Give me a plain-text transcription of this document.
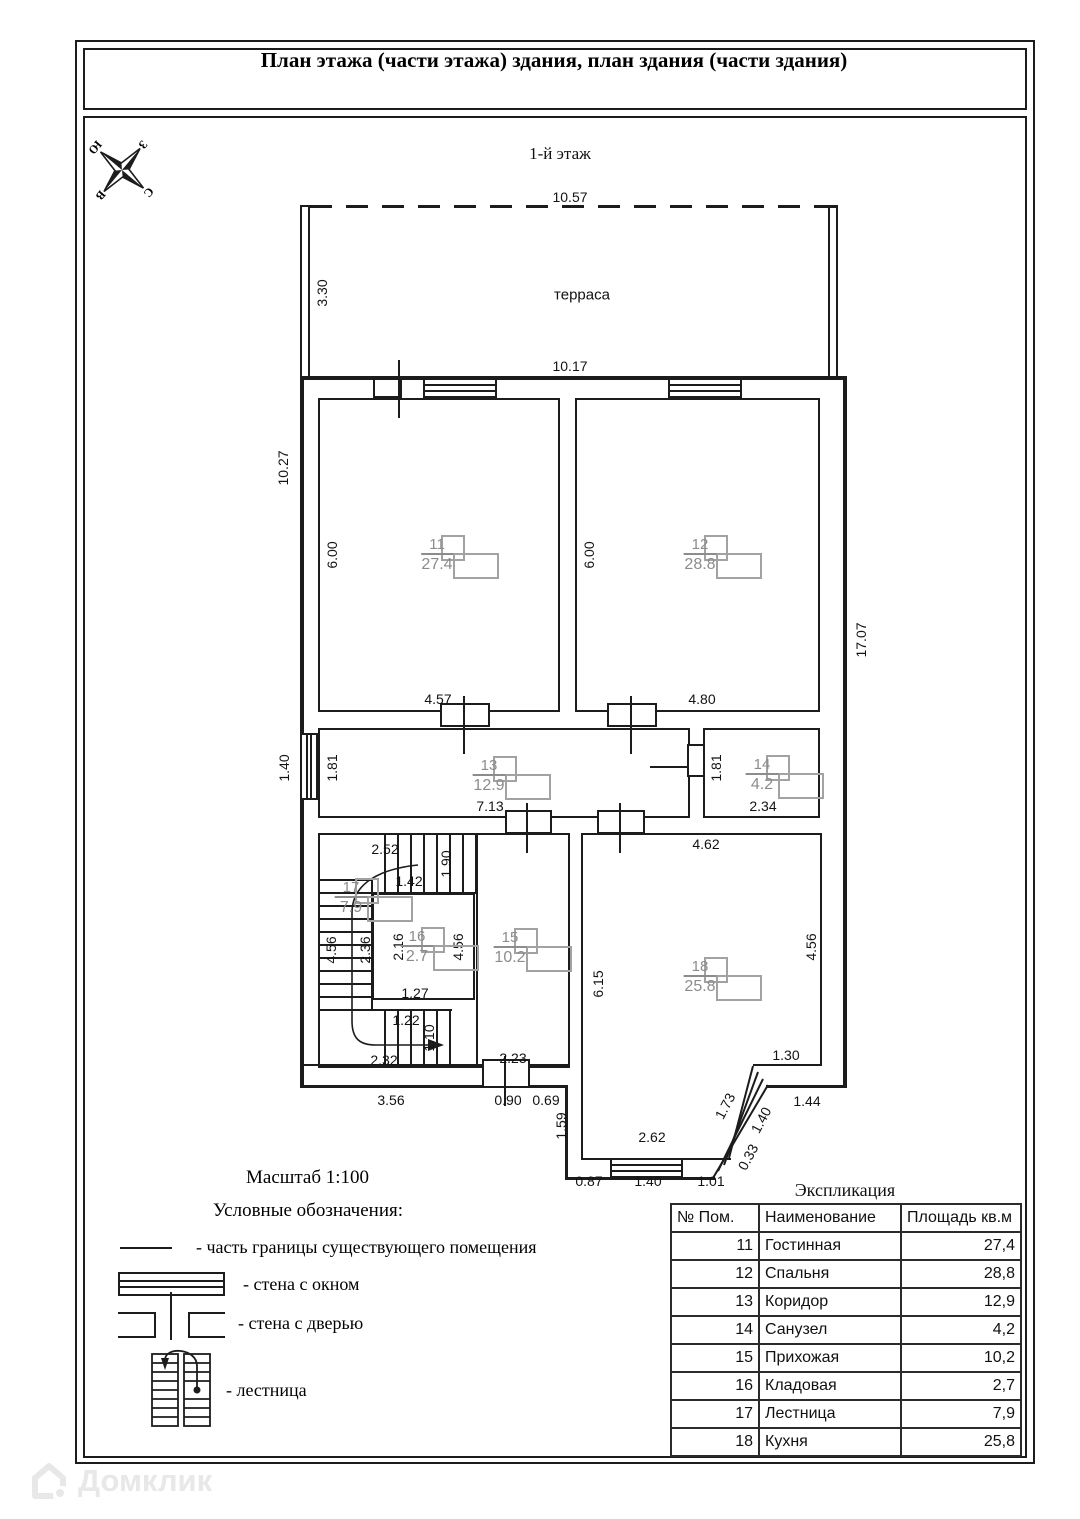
Домклик
План этажа (части этажа) здания, план здания (части здания)
1-й этаж
С
Ю	З
В
терраса
10.57
3.30
10.17
10.27
6.00
4.57
6.00
4.80
17.07
1.40 1.81
7.13
1.81
2.34
2.52
1.42
1.90
4.56 2.36 2.16
1.27
1.22
1.10
2.32
4.56
2.23
4.62
6.15
4.56
1.30
1.44
2.62
3.56	0.90 0.69
1.59
0.87 1.40	1.01
1.73 1.40
0.33
11
27.4
12
28.8
13
12.9
14
4.2
15
10.2
16
2.7
17
7.9
18
25.8
Масштаб 1:100
Условные обозначения:
- часть границы существующего помещения
- стена с окном
- стена с дверью
- лестница
Экспликация
№ Пом.	Наименование	Площадь кв.м
11	Гостинная	27,4
12	Спальня	28,8
13	Коридор	12,9
14	Санузел	4,2
15	Прихожая	10,2
16	Кладовая	2,7
17	Лестница	7,9
18	Кухня	25,8
